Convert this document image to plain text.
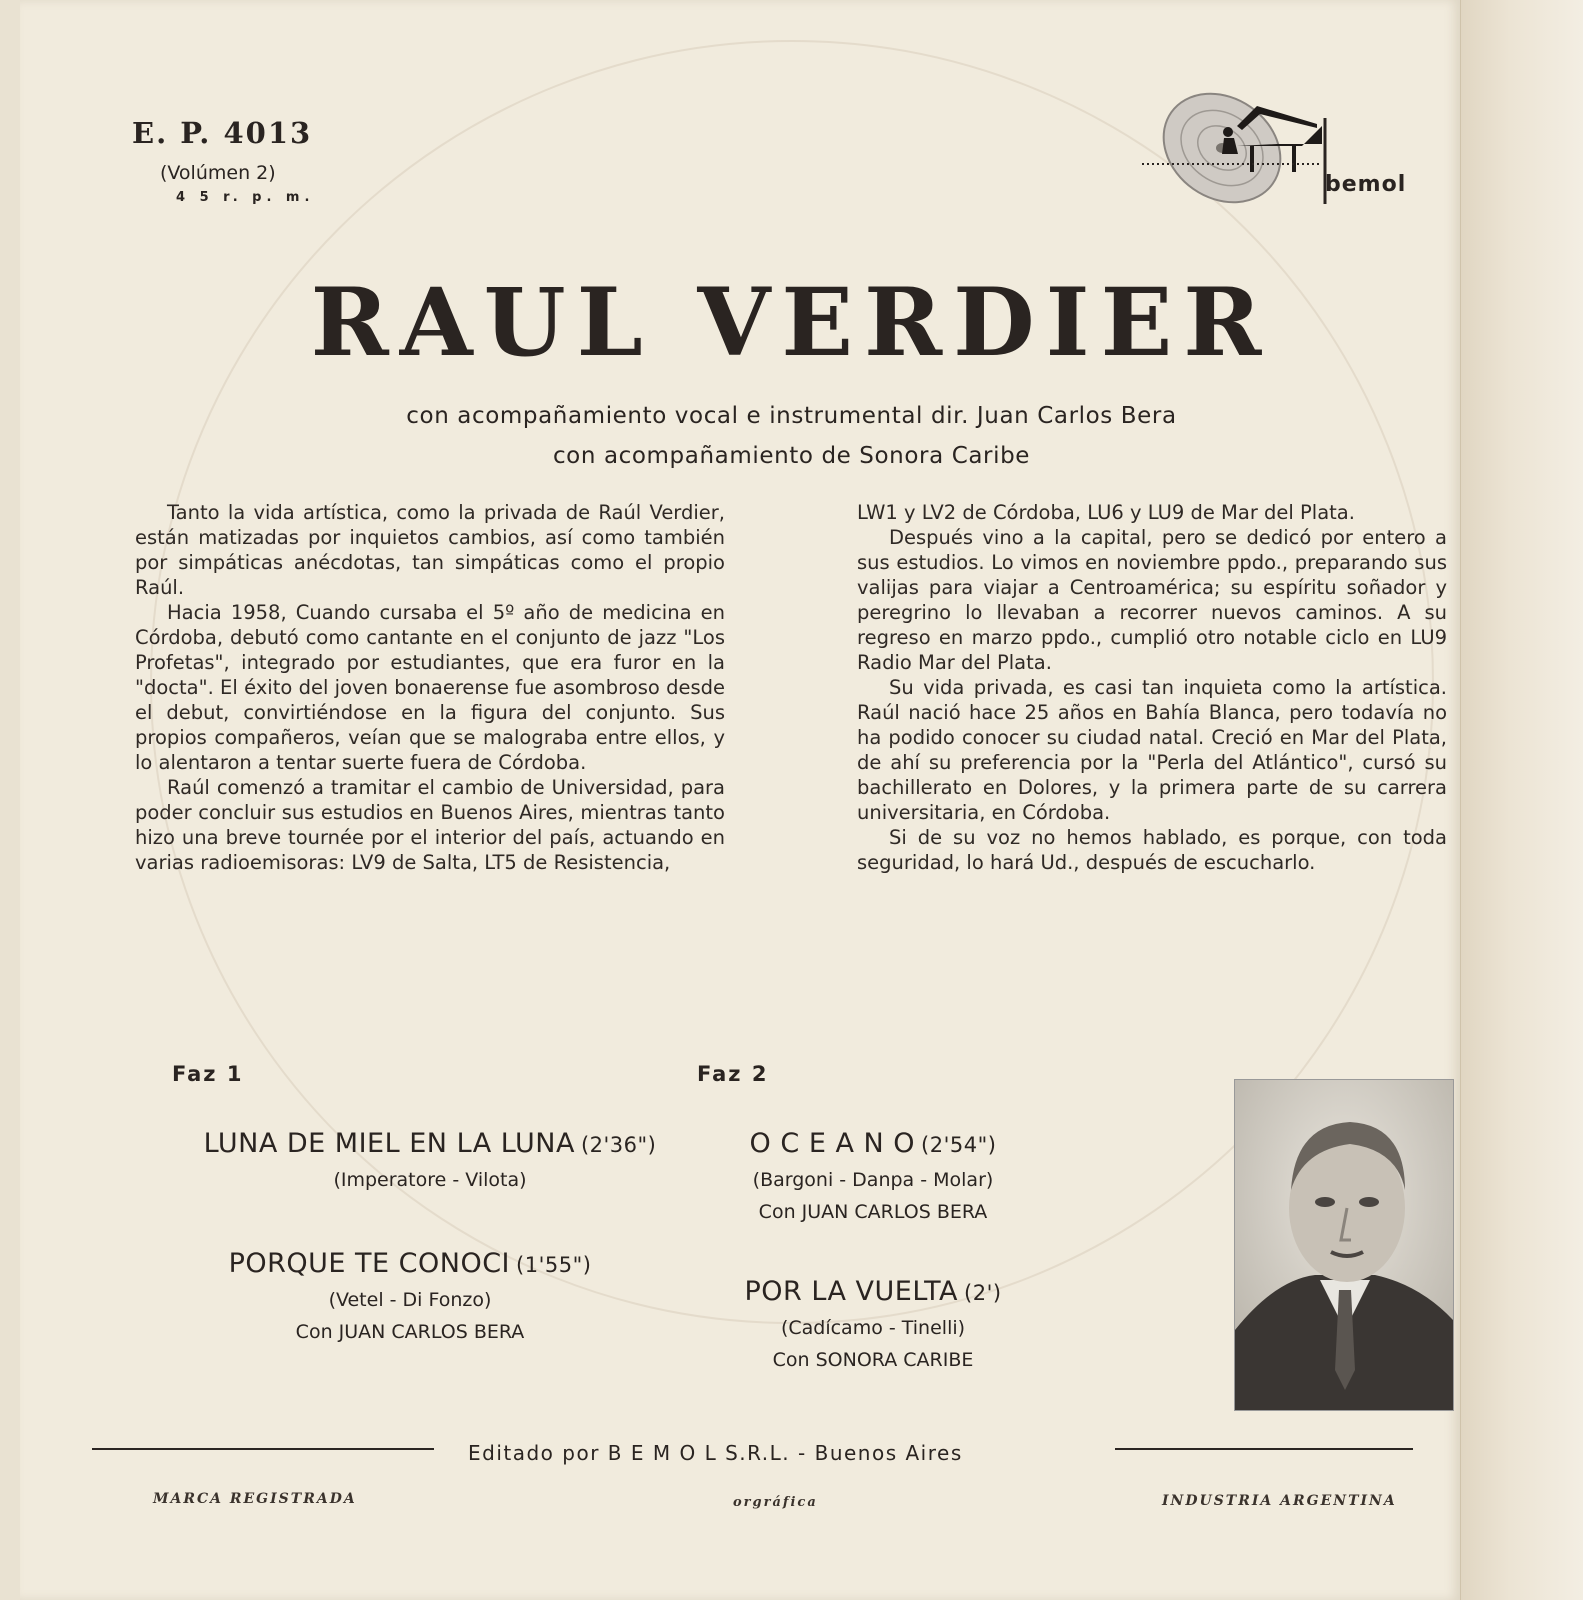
E. P. 4013
(Volúmen 2)
4 5 r. p. m.
bemol
RAUL VERDIER
con acompañamiento vocal e instrumental dir. Juan Carlos Bera
con acompañamiento de Sonora Caribe

Tanto la vida artística, como la privada de Raúl Verdier, están matizadas por inquietos cambios, así como también por simpáticas anécdotas, tan simpáticas como el propio Raúl.

Hacia 1958, Cuando cursaba el 5º año de medicina en Córdoba, debutó como cantante en el conjunto de jazz "Los Profetas", integrado por estudiantes, que era furor en la "docta". El éxito del joven bonaerense fue asombroso desde el debut, convirtiéndose en la figura del conjunto. Sus propios compañeros, veían que se malograba entre ellos, y lo alentaron a tentar suerte fuera de Córdoba.

Raúl comenzó a tramitar el cambio de Universidad, para poder concluir sus estudios en Buenos Aires, mientras tanto hizo una breve tournée por el interior del país, actuando en varias radioemisoras: LV9 de Salta, LT5 de Resistencia,

LW1 y LV2 de Córdoba, LU6 y LU9 de Mar del Plata.

Después vino a la capital, pero se dedicó por entero a sus estudios. Lo vimos en noviembre ppdo., preparando sus valijas para viajar a Centroamérica; su espíritu soñador y peregrino lo llevaban a recorrer nuevos caminos. A su regreso en marzo ppdo., cumplió otro notable ciclo en LU9 Radio Mar del Plata.

Su vida privada, es casi tan inquieta como la artística. Raúl nació hace 25 años en Bahía Blanca, pero todavía no ha podido conocer su ciudad natal. Creció en Mar del Plata, de ahí su preferencia por la "Perla del Atlántico", cursó su bachillerato en Dolores, y la primera parte de su carrera universitaria, en Córdoba.

Si de su voz no hemos hablado, es porque, con toda seguridad, lo hará Ud., después de escucharlo.

Faz 1	Faz 2
LUNA DE MIEL EN LA LUNA (2'36")
(Imperatore - Vilota)
PORQUE TE CONOCI (1'55")
(Vetel - Di Fonzo)
Con JUAN CARLOS BERA
O C E A N O (2'54")
(Bargoni - Danpa - Molar)
Con JUAN CARLOS BERA
POR LA VUELTA (2')
(Cadícamo - Tinelli)
Con SONORA CARIBE
Editado por B E M O L S.R.L. - Buenos Aires
MARCA REGISTRADA	orgráfica	INDUSTRIA ARGENTINA
